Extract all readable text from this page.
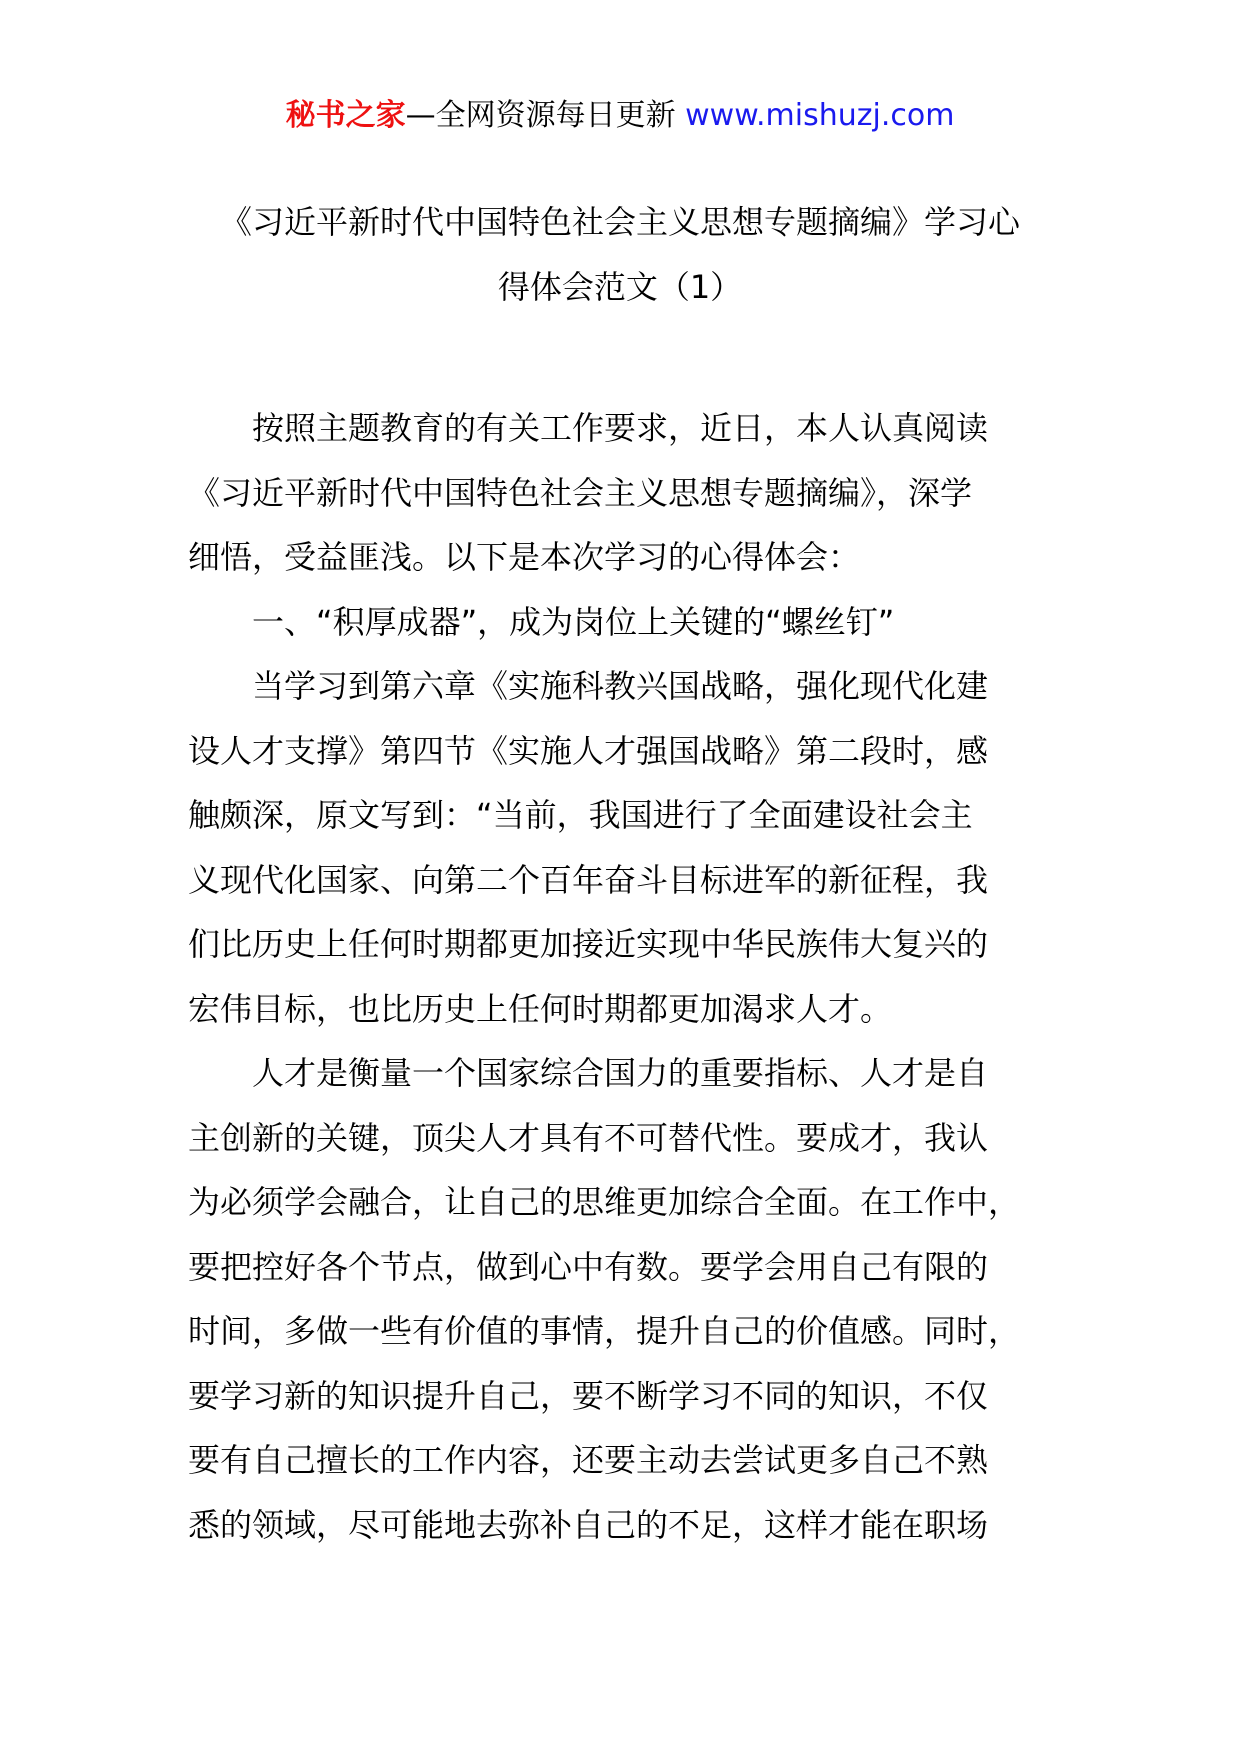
秘书之家—全网资源每日更新 www.mishuzj.com

《习近平新时代中国特色社会主义思想专题摘编》学习心

得体会范文（1）

　　按照主题教育的有关工作要求，近日，本人认真阅读

《习近平新时代中国特色社会主义思想专题摘编》，深学

细悟，受益匪浅。以下是本次学习的心得体会：

　　一、“积厚成器”，成为岗位上关键的“螺丝钉”

　　当学习到第六章《实施科教兴国战略，强化现代化建

设人才支撑》第四节《实施人才强国战略》第二段时，感

触颇深，原文写到：“当前，我国进行了全面建设社会主

义现代化国家、向第二个百年奋斗目标进军的新征程，我

们比历史上任何时期都更加接近实现中华民族伟大复兴的

宏伟目标，也比历史上任何时期都更加渴求人才。

　　人才是衡量一个国家综合国力的重要指标、人才是自

主创新的关键，顶尖人才具有不可替代性。要成才，我认

为必须学会融合，让自己的思维更加综合全面。在工作中，

要把控好各个节点，做到心中有数。要学会用自己有限的

时间，多做一些有价值的事情，提升自己的价值感。同时，

要学习新的知识提升自己，要不断学习不同的知识，不仅

要有自己擅长的工作内容，还要主动去尝试更多自己不熟

悉的领域，尽可能地去弥补自己的不足，这样才能在职场
